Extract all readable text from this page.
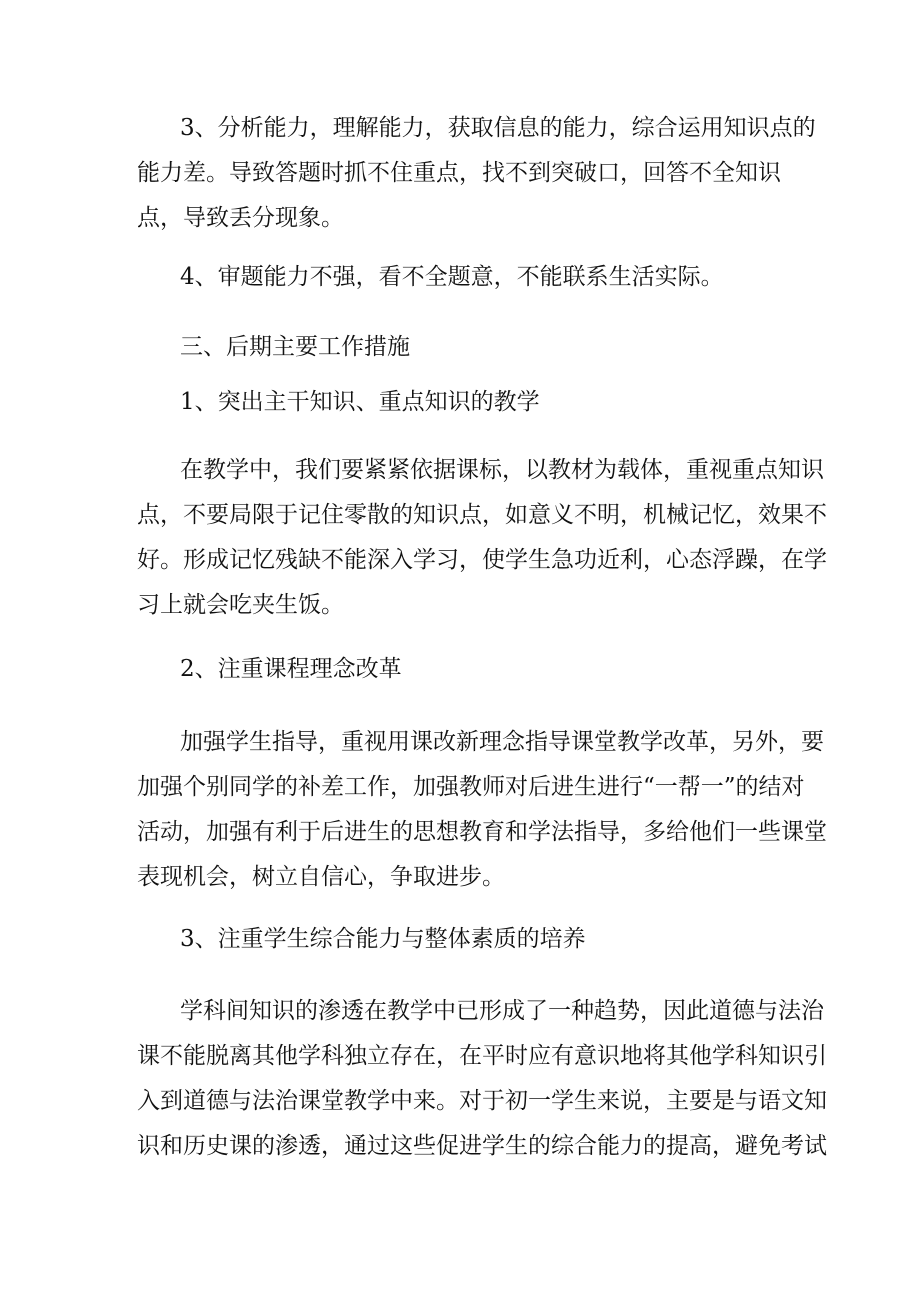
3、分析能力，理解能力，获取信息的能力，综合运用知识点的
能力差。导致答题时抓不住重点，找不到突破口，回答不全知识
点，导致丢分现象。
4、审题能力不强，看不全题意，不能联系生活实际。
三、后期主要工作措施
1、突出主干知识、重点知识的教学
在教学中，我们要紧紧依据课标，以教材为载体，重视重点知识
点，不要局限于记住零散的知识点，如意义不明，机械记忆，效果不
好。形成记忆残缺不能深入学习，使学生急功近利，心态浮躁，在学
习上就会吃夹生饭。
2、注重课程理念改革
加强学生指导，重视用课改新理念指导课堂教学改革，另外，要
加强个别同学的补差工作，加强教师对后进生进行“一帮一”的结对
活动，加强有利于后进生的思想教育和学法指导，多给他们一些课堂
表现机会，树立自信心，争取进步。
3、注重学生综合能力与整体素质的培养
学科间知识的渗透在教学中已形成了一种趋势，因此道德与法治
课不能脱离其他学科独立存在，在平时应有意识地将其他学科知识引
入到道德与法治课堂教学中来。对于初一学生来说，主要是与语文知
识和历史课的渗透，通过这些促进学生的综合能力的提高，避免考试
